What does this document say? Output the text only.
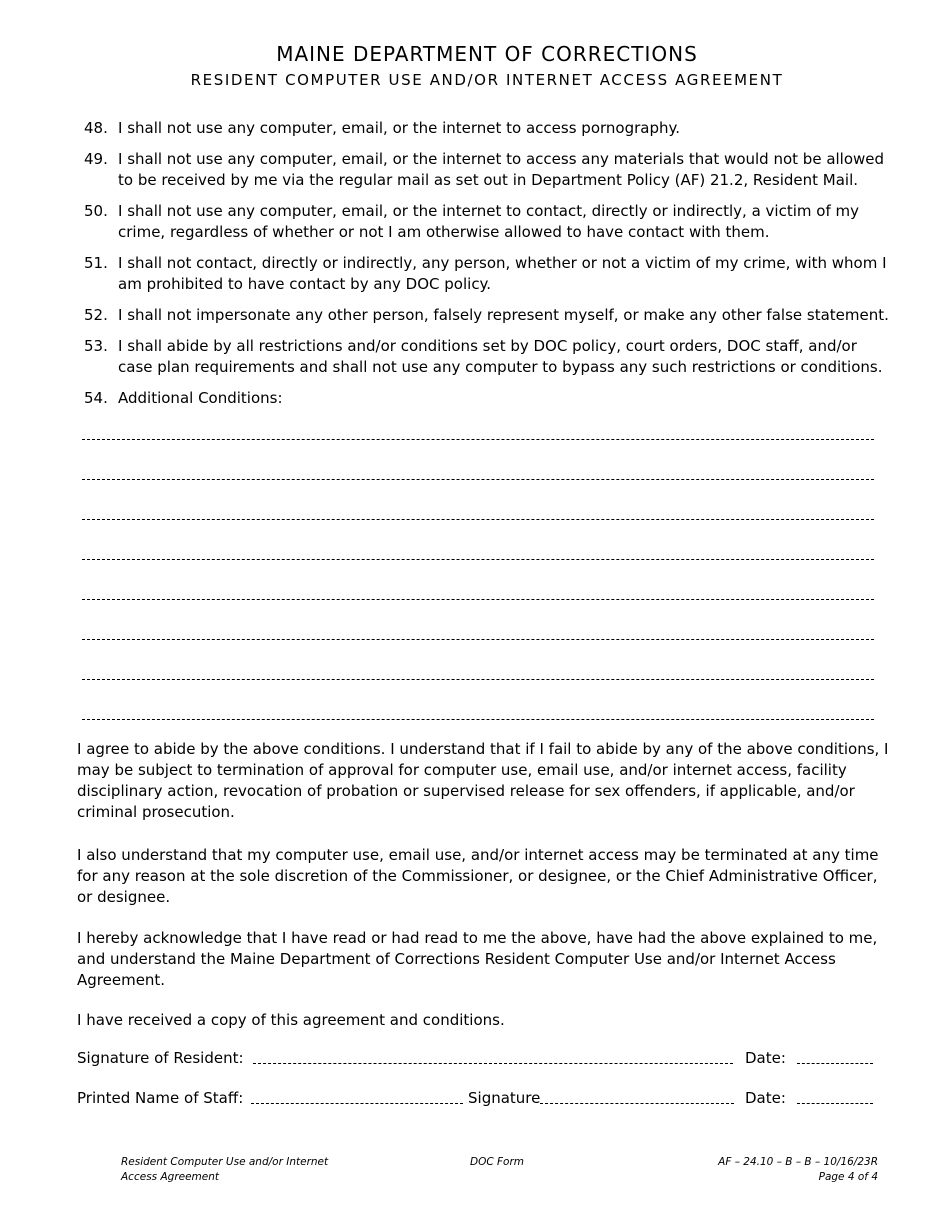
MAINE DEPARTMENT OF CORRECTIONS
RESIDENT COMPUTER USE AND/OR INTERNET ACCESS AGREEMENT
48. I shall not use any computer, email, or the internet to access pornography.
49. I shall not use any computer, email, or the internet to access any materials that would not be allowed to be received by me via the regular mail as set out in Department Policy (AF) 21.2, Resident Mail.
50. I shall not use any computer, email, or the internet to contact, directly or indirectly, a victim of my crime, regardless of whether or not I am otherwise allowed to have contact with them.
51. I shall not contact, directly or indirectly, any person, whether or not a victim of my crime, with whom I am prohibited to have contact by any DOC policy.
52. I shall not impersonate any other person, falsely represent myself, or make any other false statement.
53. I shall abide by all restrictions and/or conditions set by DOC policy, court orders, DOC staff, and/or case plan requirements and shall not use any computer to bypass any such restrictions or conditions.
54. Additional Conditions:
I agree to abide by the above conditions. I understand that if I fail to abide by any of the above conditions, I may be subject to termination of approval for computer use, email use, and/or internet access, facility disciplinary action, revocation of probation or supervised release for sex offenders, if applicable, and/or criminal prosecution.
I also understand that my computer use, email use, and/or internet access may be terminated at any time for any reason at the sole discretion of the Commissioner, or designee, or the Chief Administrative Officer, or designee.
I hereby acknowledge that I have read or had read to me the above, have had the above explained to me, and understand the Maine Department of Corrections Resident Computer Use and/or Internet Access Agreement.
I have received a copy of this agreement and conditions.
Signature of Resident:	Date:
Printed Name of Staff:	Signature	Date:
Resident Computer Use and/or Internet
Access Agreement
DOC Form	AF – 24.10 – B – B – 10/16/23R
Page 4 of 4
